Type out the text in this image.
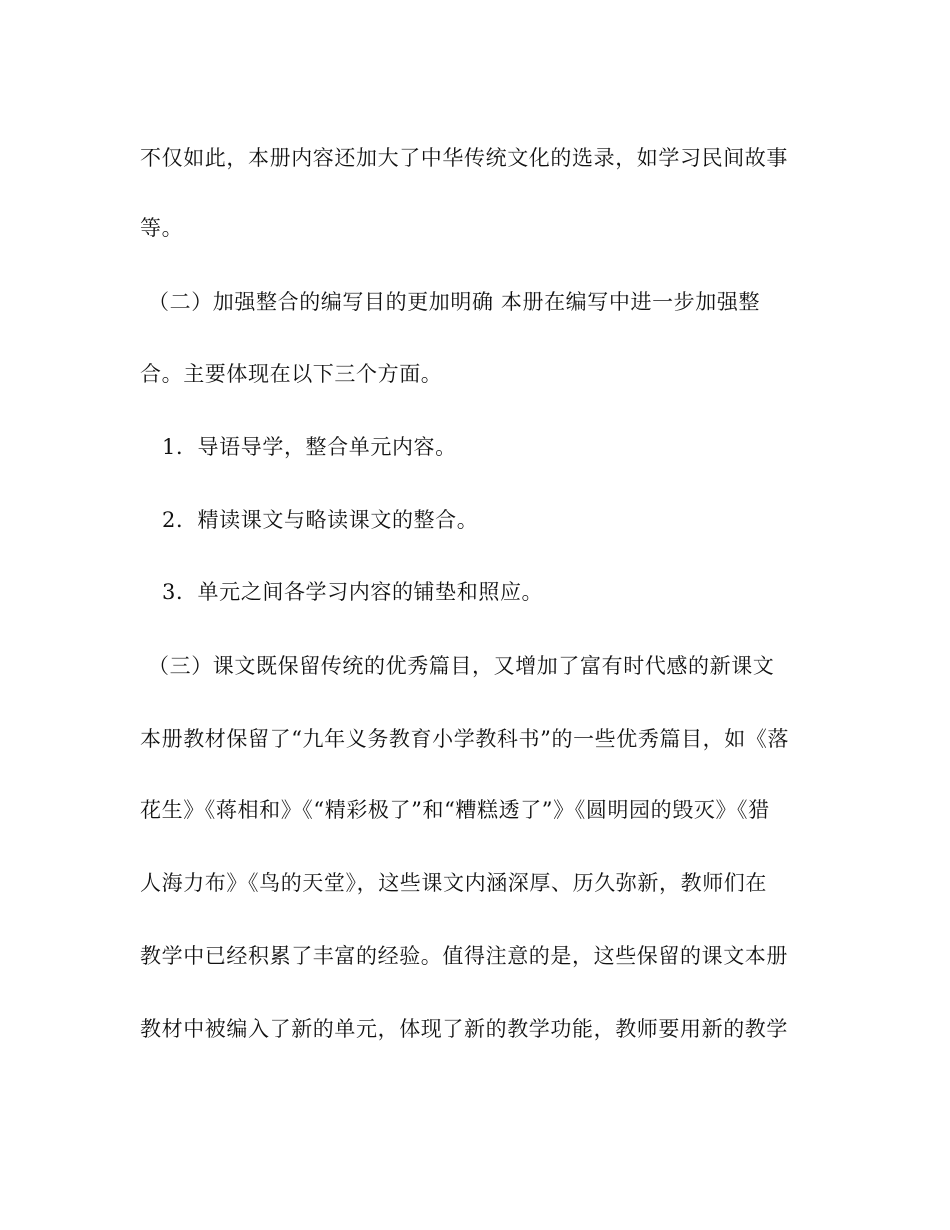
不仅如此，本册内容还加大了中华传统文化的选录，如学习民间故事
等。
（二）加强整合的编写目的更加明确 本册在编写中进一步加强整
合。主要体现在以下三个方面。
1．导语导学，整合单元内容。
2．精读课文与略读课文的整合。
3．单元之间各学习内容的铺垫和照应。
（三）课文既保留传统的优秀篇目，又增加了富有时代感的新课文
本册教材保留了“九年义务教育小学教科书”的一些优秀篇目，如《落
花生》《蒋相和》《“精彩极了”和“糟糕透了”》《圆明园的毁灭》《猎
人海力布》《鸟的天堂》，这些课文内涵深厚、历久弥新，教师们在
教学中已经积累了丰富的经验。值得注意的是，这些保留的课文本册
教材中被编入了新的单元，体现了新的教学功能，教师要用新的教学
